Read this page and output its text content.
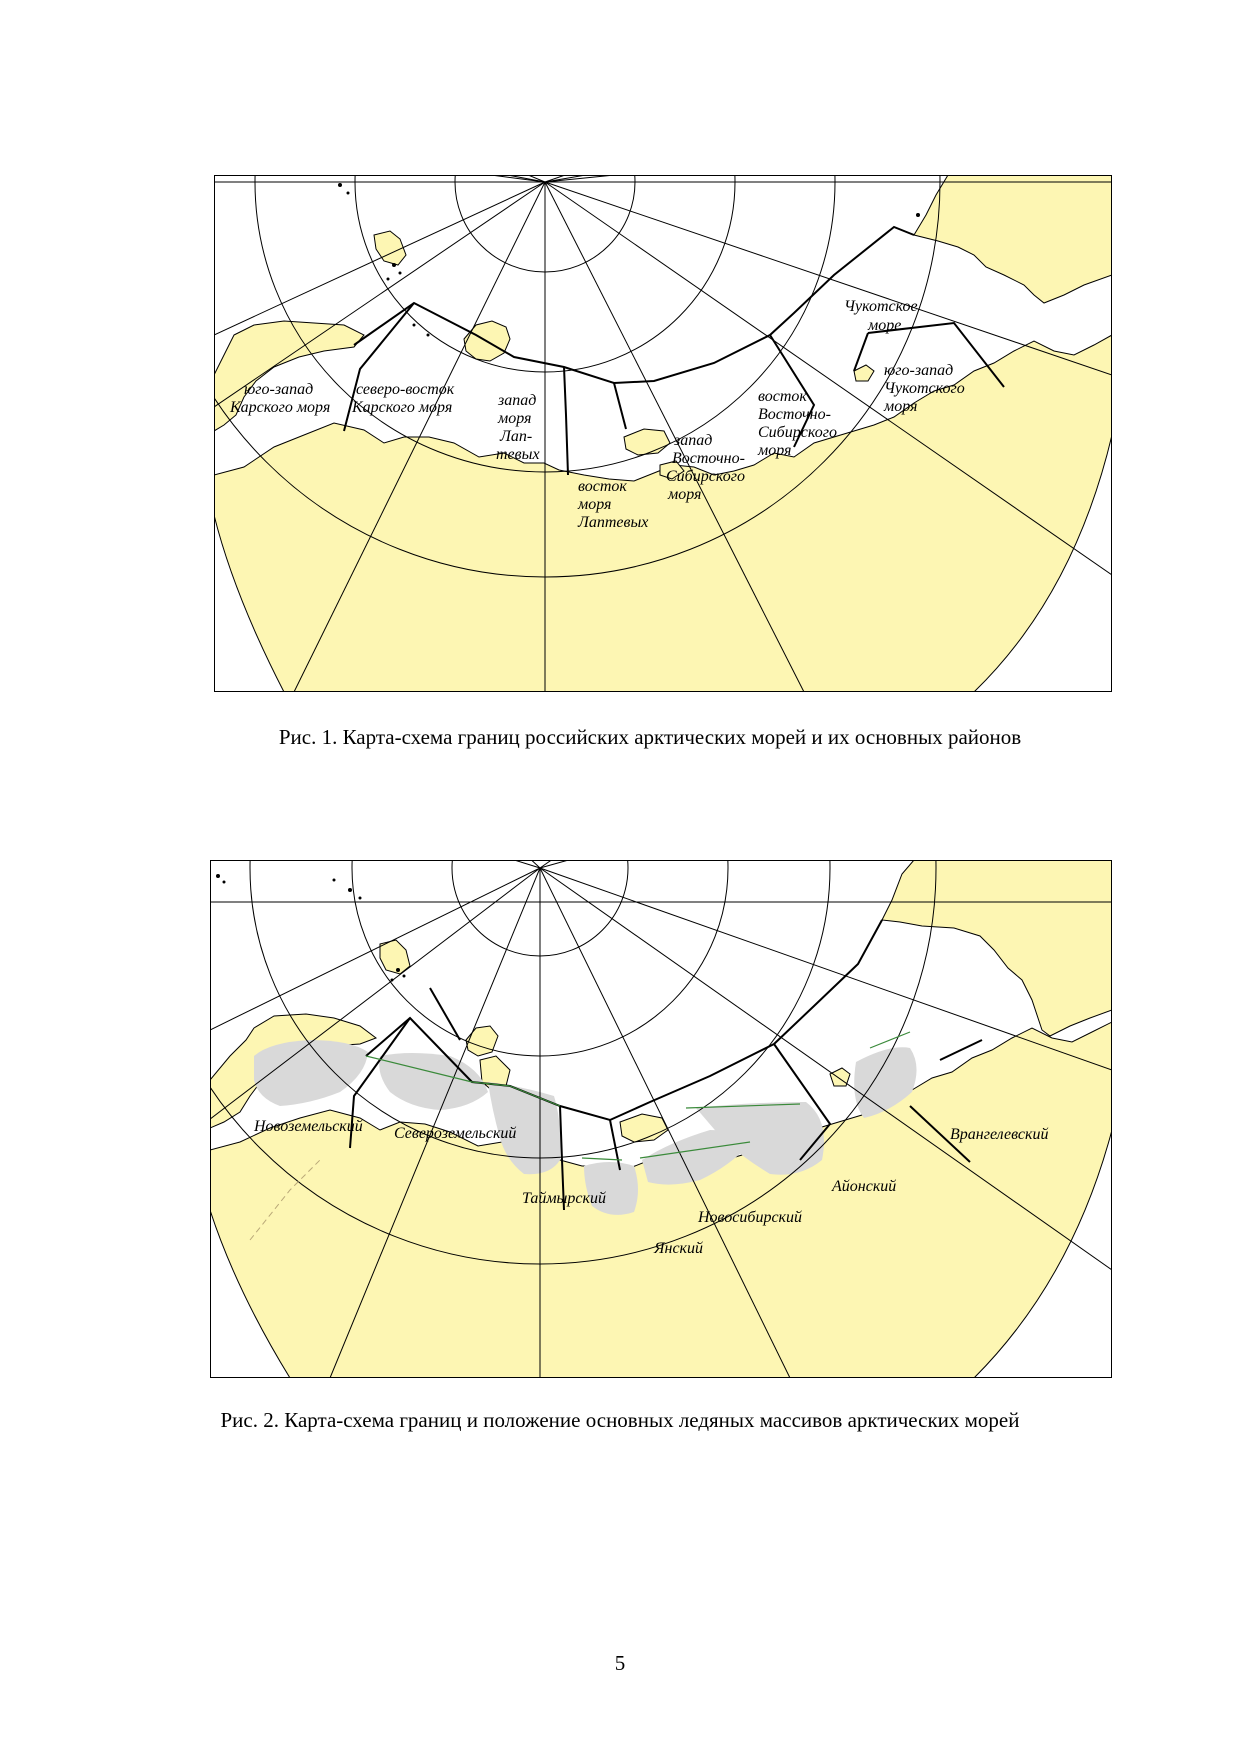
юго-запад Карского моря
северо-восток Карского моря	запад моря Лап-тевых
восток моря Лаптевых
запад Восточно-Сибирского моря
восток Восточно-Сибирского моря
Чукотское море
юго-запад Чукотского моря
Рис. 1. Карта-схема границ российских арктических морей и их основных районов
Новоземельский Североземельский
Таймырский
Янский
Новосибирский
Айонский
Врангелевский
Рис. 2. Карта-схема границ и положение основных ледяных массивов арктических морей
5
